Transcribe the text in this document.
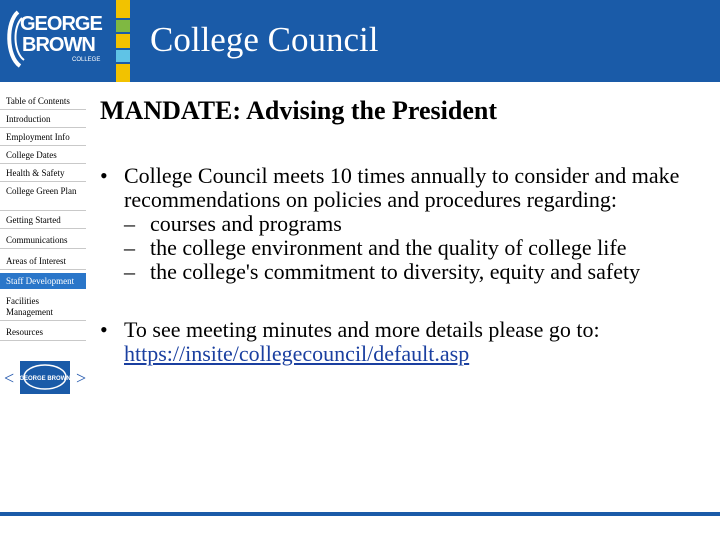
GEORGE
BROWN
COLLEGE
College Council
Table of Contents
Introduction
Employment Info
College Dates
Health & Safety
College Green Plan
Getting Started
Communications
Areas of Interest
Staff Development
Facilities Management
Resources
< GEORGE BROWN >
MANDATE: Advising the President
• College Council meets 10 times annually to consider and make recommendations on policies and procedures regarding:
– courses and programs
– the college environment and the quality of college life
– the college's commitment to diversity, equity and safety
• To see meeting minutes and more details please go to:
https://insite/collegecouncil/default.asp
